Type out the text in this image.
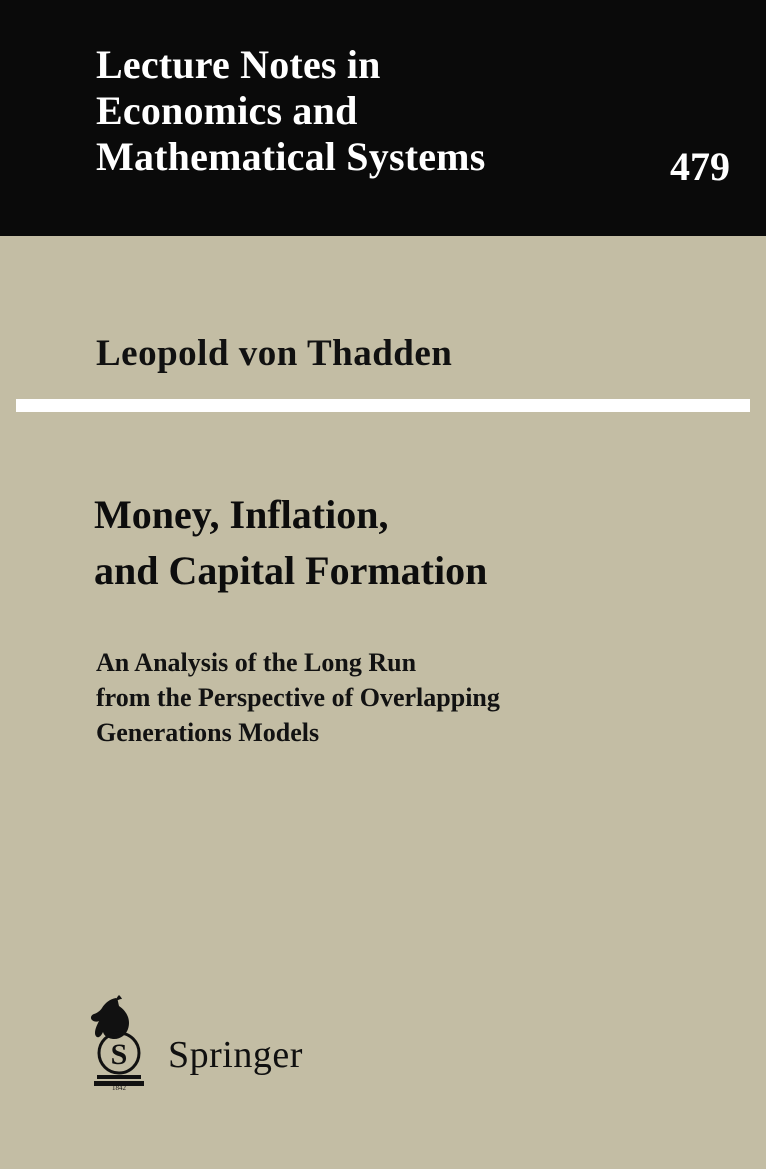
Lecture Notes in
Economics and
Mathematical Systems	479
Leopold von Thadden
Money, Inflation,
and Capital Formation
An Analysis of the Long Run
from the Perspective of Overlapping
Generations Models
S
1842
Springer
